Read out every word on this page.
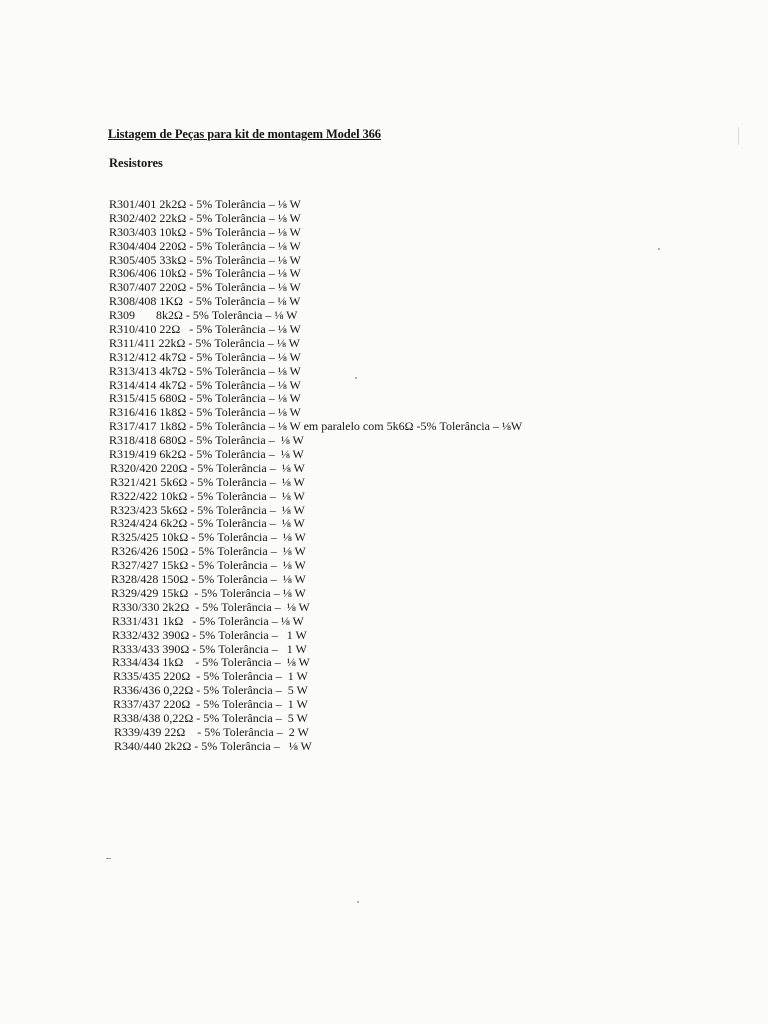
Listagem de Peças para kit de montagem Model 366
Resistores
R301/401 2k2Ω - 5% Tolerância – ⅛ W
R302/402 22kΩ - 5% Tolerância – ⅛ W
R303/403 10kΩ - 5% Tolerância – ⅛ W
R304/404 220Ω - 5% Tolerância – ⅛ W
R305/405 33kΩ - 5% Tolerância – ⅛ W
R306/406 10kΩ - 5% Tolerância – ⅛ W
R307/407 220Ω - 5% Tolerância – ⅛ W
R308/408 1KΩ  - 5% Tolerância – ⅛ W
R309       8k2Ω - 5% Tolerância – ⅛ W
R310/410 22Ω   - 5% Tolerância – ⅛ W
R311/411 22kΩ - 5% Tolerância – ⅛ W
R312/412 4k7Ω - 5% Tolerância – ⅛ W
R313/413 4k7Ω - 5% Tolerância – ⅛ W
R314/414 4k7Ω - 5% Tolerância – ⅛ W
R315/415 680Ω - 5% Tolerância – ⅛ W
R316/416 1k8Ω - 5% Tolerância – ⅛ W
R317/417 1k8Ω - 5% Tolerância – ⅛ W em paralelo com 5k6Ω -5% Tolerância – ⅛W
R318/418 680Ω - 5% Tolerância –  ⅛ W
R319/419 6k2Ω - 5% Tolerância –  ⅛ W
R320/420 220Ω - 5% Tolerância –  ⅛ W
R321/421 5k6Ω - 5% Tolerância –  ⅛ W
R322/422 10kΩ - 5% Tolerância –  ⅛ W
R323/423 5k6Ω - 5% Tolerância –  ⅛ W
R324/424 6k2Ω - 5% Tolerância –  ⅛ W
R325/425 10kΩ - 5% Tolerância –  ⅛ W
R326/426 150Ω - 5% Tolerância –  ⅛ W
R327/427 15kΩ - 5% Tolerância –  ⅛ W
R328/428 150Ω - 5% Tolerância –  ⅛ W
R329/429 15kΩ  - 5% Tolerância – ⅛ W
R330/330 2k2Ω  - 5% Tolerância –  ⅛ W
R331/431 1kΩ   - 5% Tolerância – ⅛ W
R332/432 390Ω - 5% Tolerância –   1 W
R333/433 390Ω - 5% Tolerância –   1 W
R334/434 1kΩ    - 5% Tolerância –  ⅛ W
R335/435 220Ω  - 5% Tolerância –  1 W
R336/436 0,22Ω - 5% Tolerância –  5 W
R337/437 220Ω  - 5% Tolerância –  1 W
R338/438 0,22Ω - 5% Tolerância –  5 W
R339/439 22Ω    - 5% Tolerância –  2 W
R340/440 2k2Ω - 5% Tolerância –   ⅛ W
